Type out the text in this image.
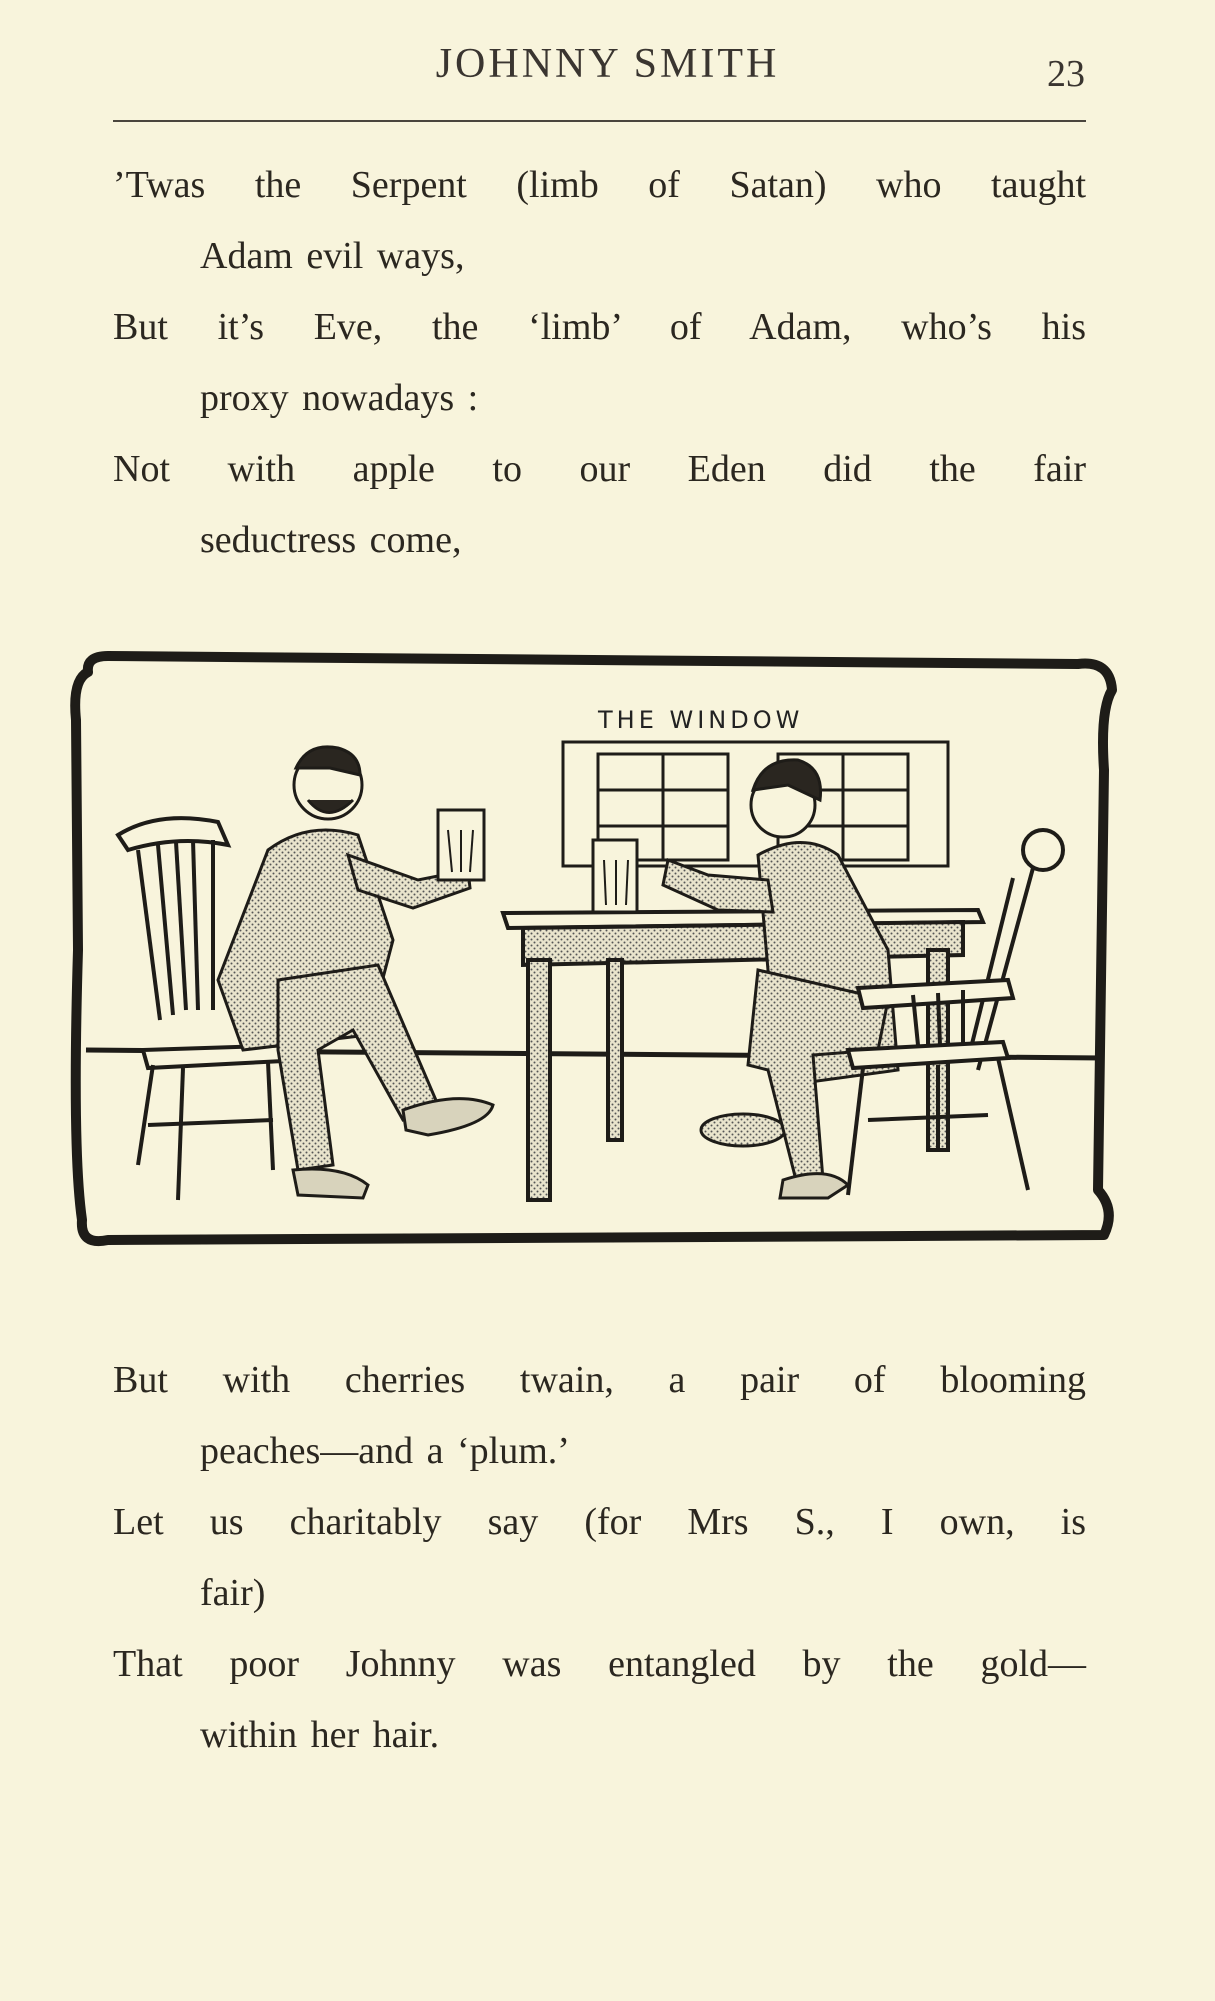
JOHNNY SMITH	23
’Twas the Serpent (limb of Satan) who taught
Adam evil ways,
But it’s Eve, the ‘limb’ of Adam, who’s his
proxy nowadays :
Not with apple to our Eden did the fair
seductress come,
THE WINDOW
But with cherries twain, a pair of blooming
peaches—and a ‘plum.’
Let us charitably say (for Mrs S., I own, is
fair)
That poor Johnny was entangled by the gold—
within her hair.
